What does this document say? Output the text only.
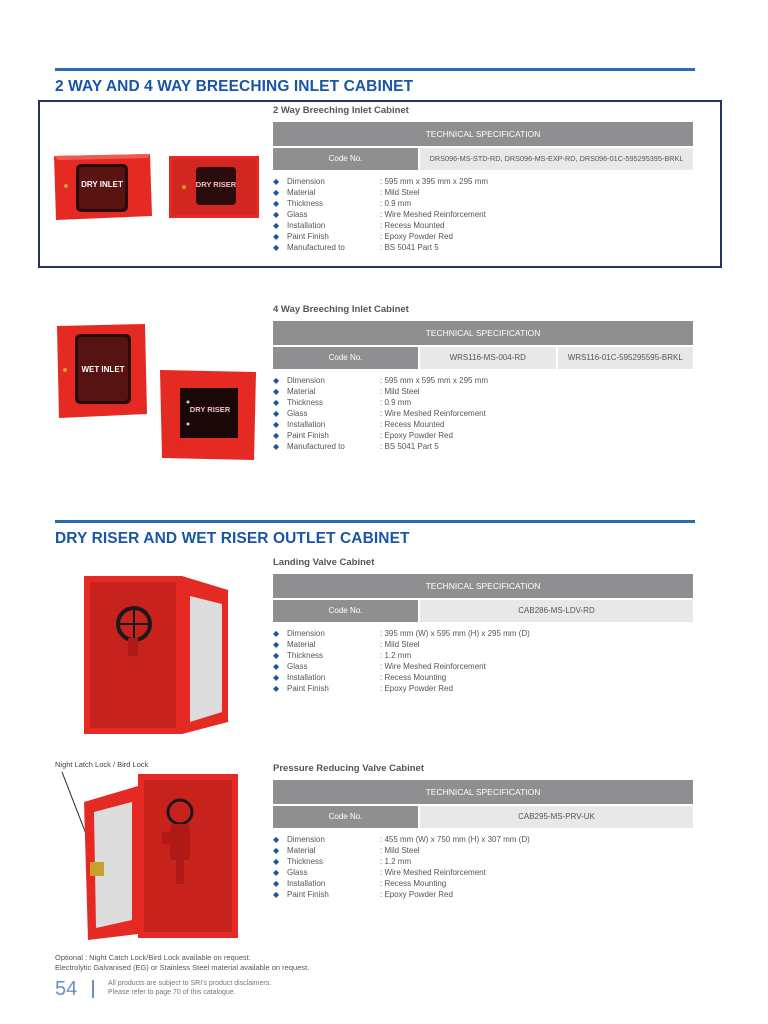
2 WAY AND 4 WAY BREECHING INLET CABINET
DRY INLET	DRY RISER
2 Way Breeching Inlet Cabinet
TECHNICAL SPECIFICATION
Code No.	DRS096-MS-STD-RD, DRS096-MS-EXP-RD, DRS096-01C-595295395-BRKL
◆ Dimension	: 595 mm x 395 mm x 295 mm
◆ Material	: Mild Steel
◆ Thickness	: 0.9 mm
◆ Glass	: Wire Meshed Reinforcement
◆ Installation	: Recess Mounted
◆ Paint Finish	: Epoxy Powder Red
◆ Manufactured to	: BS 5041 Part 5
WET INLET
DRY RISER
4 Way Breeching Inlet Cabinet
TECHNICAL SPECIFICATION
Code No.	WRS116-MS-004-RD	WRS116-01C-595295595-BRKL
◆ Dimension	: 595 mm x 595 mm x 295 mm
◆ Material	: Mild Steel
◆ Thickness	: 0.9 mm
◆ Glass	: Wire Meshed Reinforcement
◆ Installation	: Recess Mounted
◆ Paint Finish	: Epoxy Powder Red
◆ Manufactured to	: BS 5041 Part 5
DRY RISER AND WET RISER OUTLET CABINET
Landing Valve Cabinet
TECHNICAL SPECIFICATION
Code No.	CAB286-MS-LDV-RD
◆ Dimension	: 395 mm (W) x 595 mm (H) x 295 mm (D)
◆ Material	: Mild Steel
◆ Thickness	: 1.2 mm
◆ Glass	: Wire Meshed Reinforcement
◆ Installation	: Recess Mounting
◆ Paint Finish	: Epoxy Powder Red
Night Latch Lock / Bird Lock	Pressure Reducing Valve Cabinet
TECHNICAL SPECIFICATION
Code No.	CAB295-MS-PRV-UK
◆ Dimension	: 455 mm (W) x 750 mm (H) x 307 mm (D)
◆ Material	: Mild Steel
◆ Thickness	: 1.2 mm
◆ Glass	: Wire Meshed Reinforcement
◆ Installation	: Recess Mounting
◆ Paint Finish	: Epoxy Powder Red
Optional : Night Catch Lock/Bird Lock available on request.
Electrolytic Galvanised (EG) or Stainless Steel material available on request.
54	All products are subject to SRI's product disclaimers.
Please refer to page 70 of this catalogue.
